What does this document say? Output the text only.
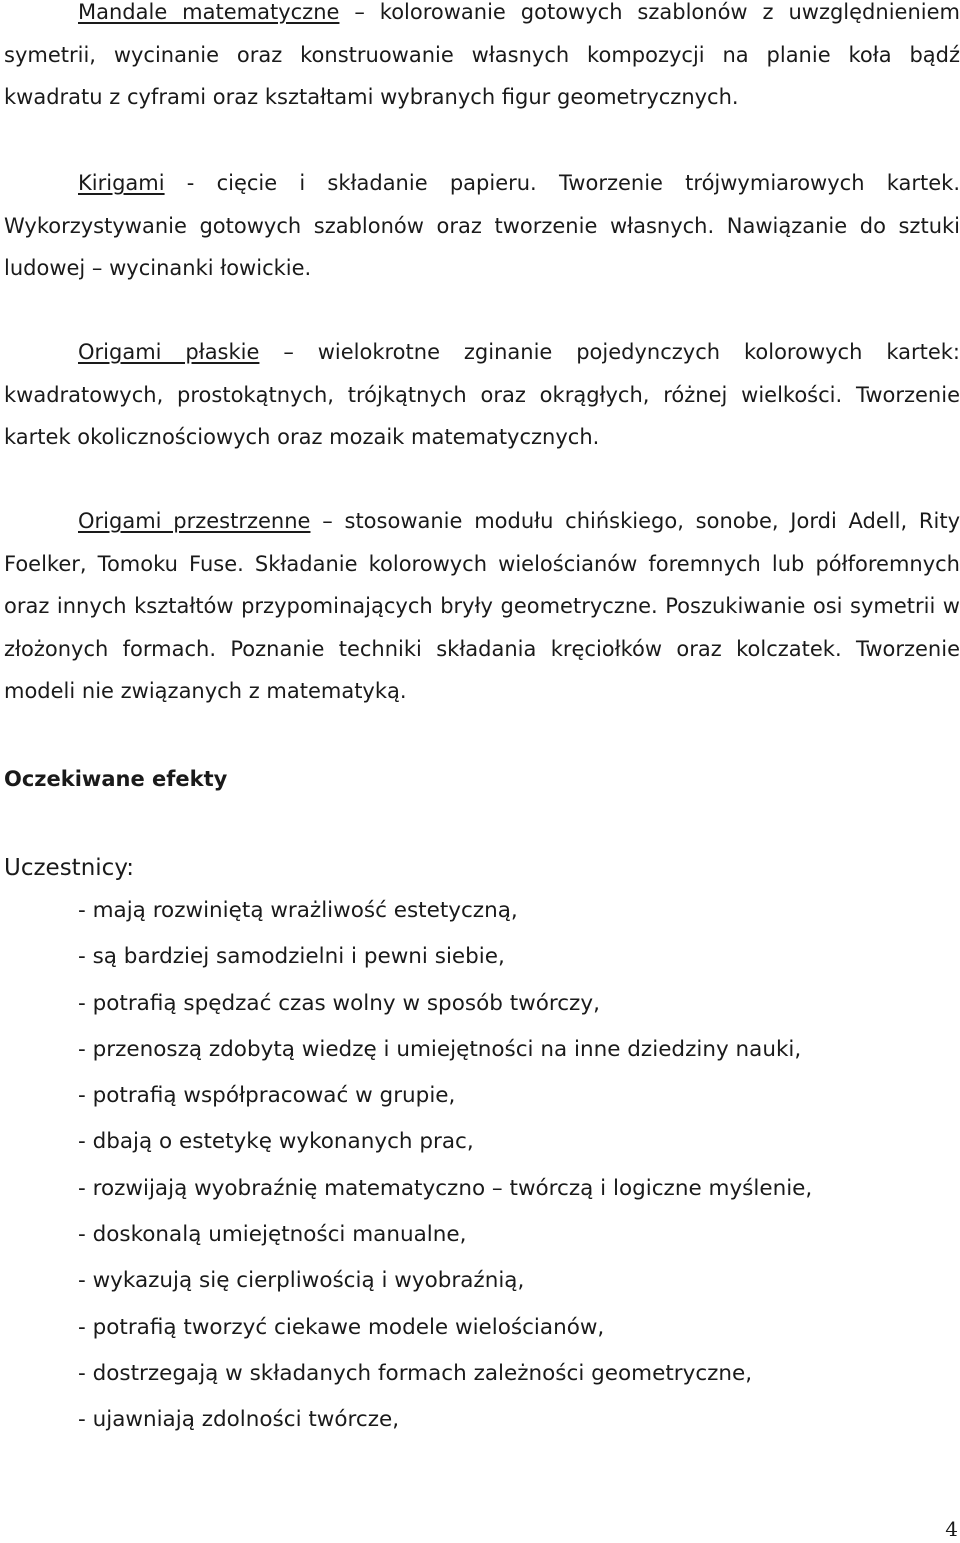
Mandale matematyczne – kolorowanie gotowych szablonów z uwzględnieniem symetrii, wycinanie oraz konstruowanie własnych kompozycji na planie koła bądź kwadratu z cyframi oraz kształtami wybranych figur geometrycznych.

Kirigami - cięcie i składanie papieru. Tworzenie trójwymiarowych kartek. Wykorzystywanie gotowych szablonów oraz tworzenie własnych. Nawiązanie do sztuki ludowej – wycinanki łowickie.

Origami płaskie – wielokrotne zginanie pojedynczych kolorowych kartek: kwadratowych, prostokątnych, trójkątnych oraz okrągłych, różnej wielkości. Tworzenie kartek okolicznościowych oraz mozaik matematycznych.

Origami przestrzenne – stosowanie modułu chińskiego, sonobe, Jordi Adell, Rity Foelker, Tomoku Fuse. Składanie kolorowych wielościanów foremnych lub półforemnych oraz innych kształtów przypominających bryły geometryczne. Poszukiwanie osi symetrii w złożonych formach. Poznanie techniki składania kręciołków oraz kolczatek. Tworzenie modeli nie związanych z matematyką.

Oczekiwane efekty

Uczestnicy:

- mają rozwiniętą wrażliwość estetyczną,
- są bardziej samodzielni i pewni siebie,
- potrafią spędzać czas wolny w sposób twórczy,
- przenoszą zdobytą wiedzę i umiejętności na inne dziedziny nauki,
- potrafią współpracować w grupie,
- dbają o estetykę wykonanych prac,
- rozwijają wyobraźnię matematyczno – twórczą i logiczne myślenie,
- doskonalą umiejętności manualne,
- wykazują się cierpliwością i wyobraźnią,
- potrafią tworzyć ciekawe modele wielościanów,
- dostrzegają w składanych formach zależności geometryczne,
- ujawniają zdolności twórcze,
4
